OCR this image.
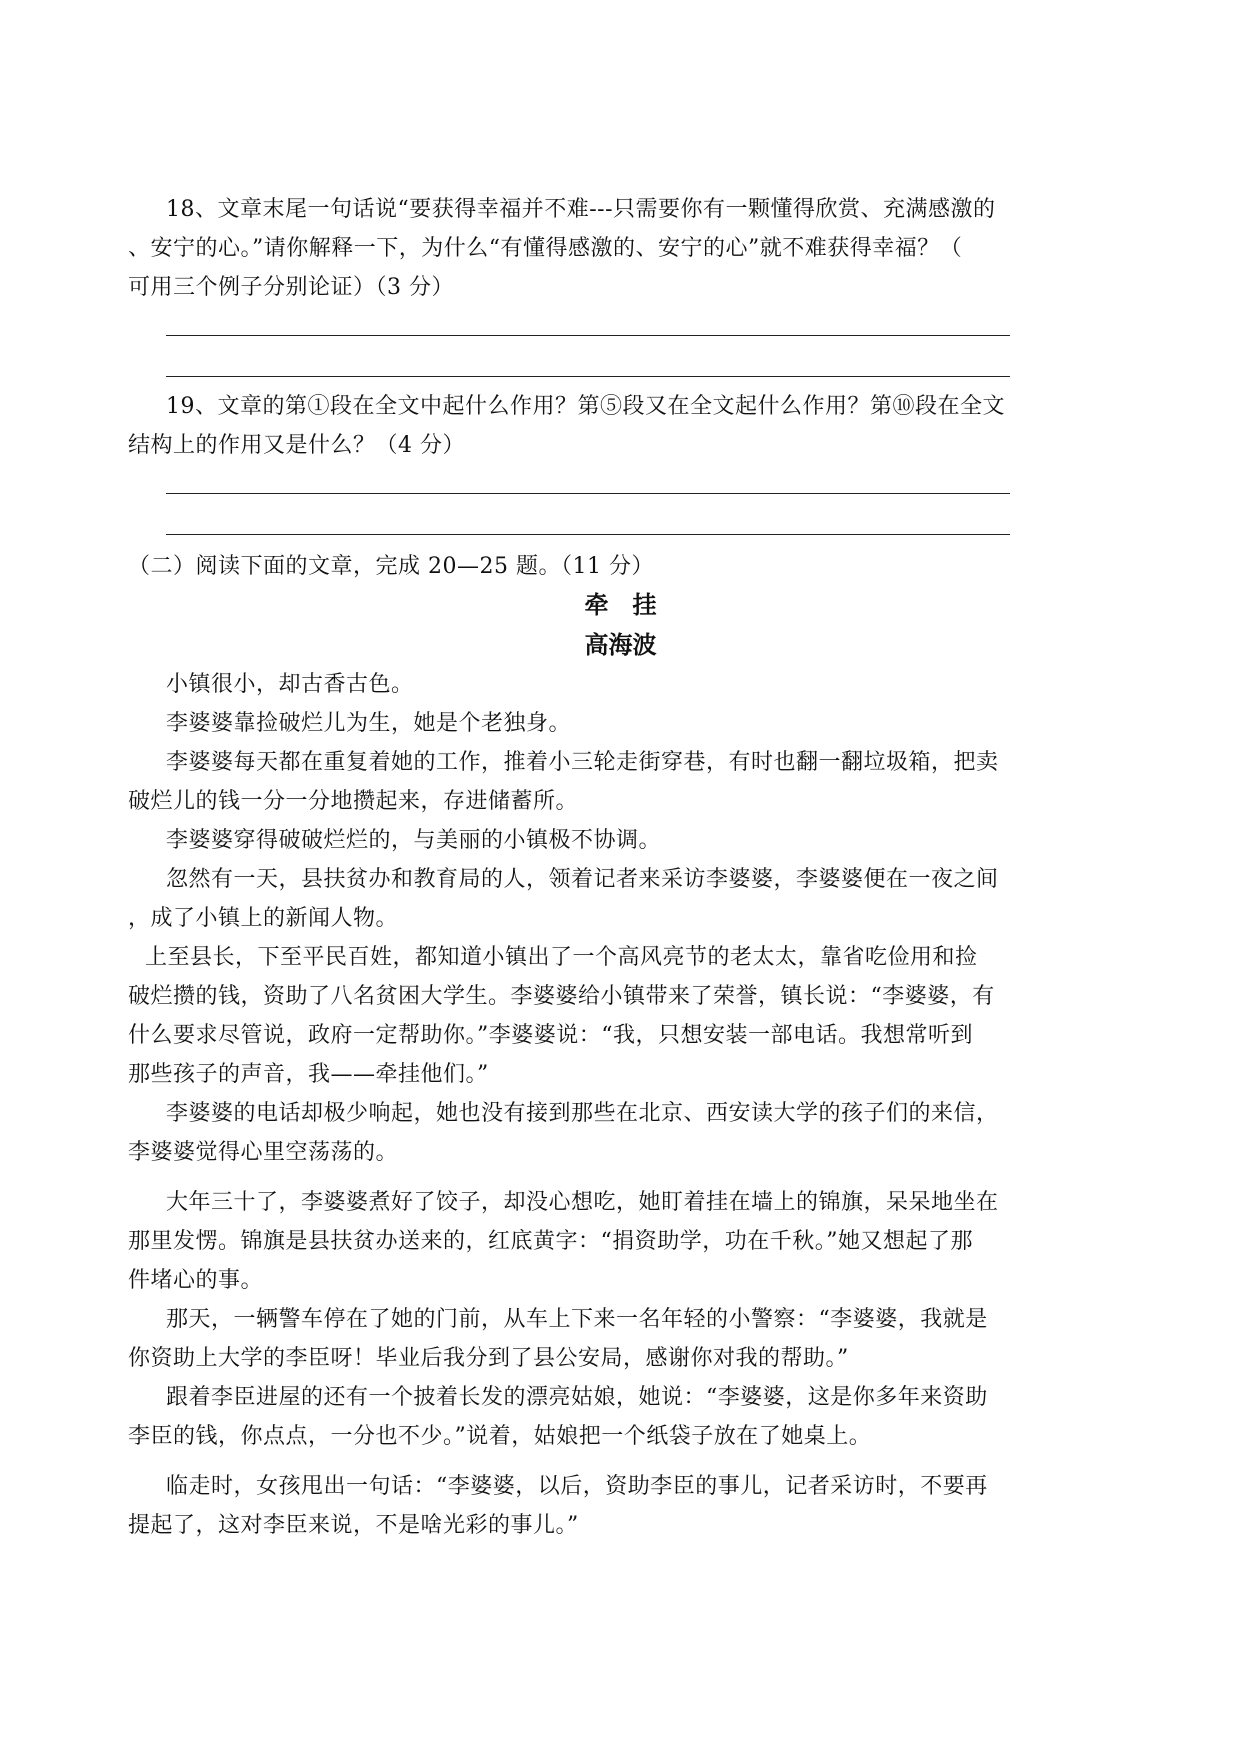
18、文章末尾一句话说“要获得幸福并不难---只需要你有一颗懂得欣赏、充满感激的
、安宁的心。”请你解释一下，为什么“有懂得感激的、安宁的心”就不难获得幸福？（
可用三个例子分别论证）（3 分）
19、文章的第①段在全文中起什么作用？第⑤段又在全文起什么作用？第⑩段在全文
结构上的作用又是什么？（4 分）
（二）阅读下面的文章，完成 20—25 题。（11 分）
牵　挂
高海波
小镇很小，却古香古色。
李婆婆靠捡破烂儿为生，她是个老独身。
李婆婆每天都在重复着她的工作，推着小三轮走街穿巷，有时也翻一翻垃圾箱，把卖
破烂儿的钱一分一分地攒起来，存进储蓄所。
李婆婆穿得破破烂烂的，与美丽的小镇极不协调。
忽然有一天，县扶贫办和教育局的人，领着记者来采访李婆婆，李婆婆便在一夜之间
，成了小镇上的新闻人物。
上至县长，下至平民百姓，都知道小镇出了一个高风亮节的老太太，靠省吃俭用和捡
破烂攒的钱，资助了八名贫困大学生。李婆婆给小镇带来了荣誉，镇长说：“李婆婆，有
什么要求尽管说，政府一定帮助你。”李婆婆说：“我，只想安装一部电话。我想常听到
那些孩子的声音，我——牵挂他们。”
李婆婆的电话却极少响起，她也没有接到那些在北京、西安读大学的孩子们的来信，
李婆婆觉得心里空荡荡的。
大年三十了，李婆婆煮好了饺子，却没心想吃，她盯着挂在墙上的锦旗，呆呆地坐在
那里发愣。锦旗是县扶贫办送来的，红底黄字：“捐资助学，功在千秋。”她又想起了那
件堵心的事。
那天，一辆警车停在了她的门前，从车上下来一名年轻的小警察：“李婆婆，我就是
你资助上大学的李臣呀！毕业后我分到了县公安局，感谢你对我的帮助。”
跟着李臣进屋的还有一个披着长发的漂亮姑娘，她说：“李婆婆，这是你多年来资助
李臣的钱，你点点，一分也不少。”说着，姑娘把一个纸袋子放在了她桌上。
临走时，女孩甩出一句话：“李婆婆，以后，资助李臣的事儿，记者采访时，不要再
提起了，这对李臣来说，不是啥光彩的事儿。”
